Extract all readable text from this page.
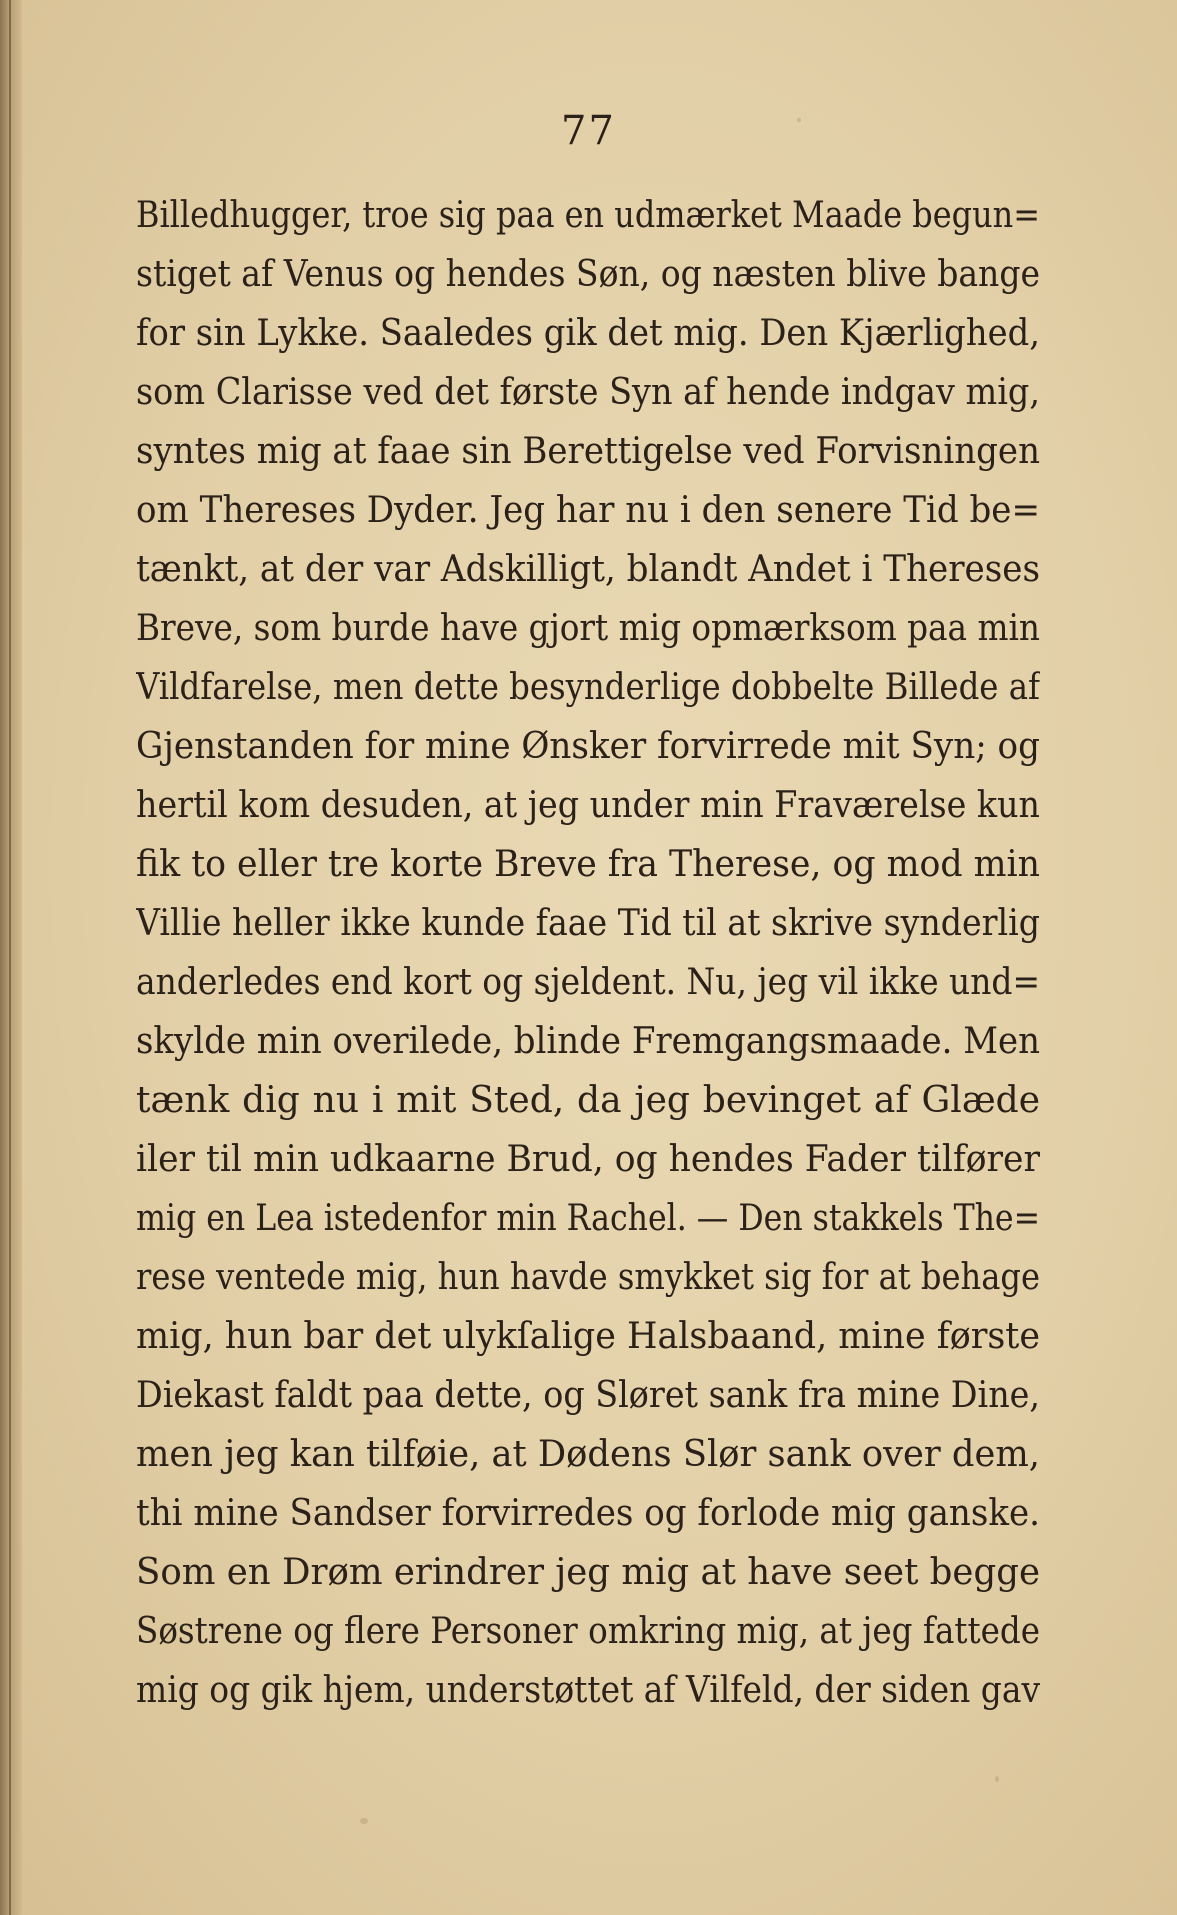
77
Billedhugger, troe sig paa en udmærket Maade begun=
stiget af Venus og hendes Søn, og næsten blive bange
for sin Lykke. Saaledes gik det mig. Den Kjærlighed,
som Clarisse ved det første Syn af hende indgav mig,
syntes mig at faae sin Berettigelse ved Forvisningen
om Thereses Dyder. Jeg har nu i den senere Tid be=
tænkt, at der var Adskilligt, blandt Andet i Thereses
Breve, som burde have gjort mig opmærksom paa min
Vildfarelse, men dette besynderlige dobbelte Billede af
Gjenstanden for mine Ønsker forvirrede mit Syn; og
hertil kom desuden, at jeg under min Fraværelse kun
fik to eller tre korte Breve fra Therese, og mod min
Villie heller ikke kunde faae Tid til at skrive synderlig
anderledes end kort og sjeldent. Nu, jeg vil ikke und=
skylde min overilede, blinde Fremgangsmaade. Men
tænk dig nu i mit Sted, da jeg bevinget af Glæde
iler til min udkaarne Brud, og hendes Fader tilfører
mig en Lea istedenfor min Rachel. — Den stakkels The=
rese ventede mig, hun havde smykket sig for at behage
mig, hun bar det ulykſalige Halsbaand, mine første
Diekast faldt paa dette, og Sløret sank fra mine Dine,
men jeg kan tilføie, at Dødens Slør sank over dem,
thi mine Sandser forvirredes og forlode mig ganske.
Som en Drøm erindrer jeg mig at have seet begge
Søstrene og flere Personer omkring mig, at jeg fattede
mig og gik hjem, understøttet af Vilfeld, der siden gav
